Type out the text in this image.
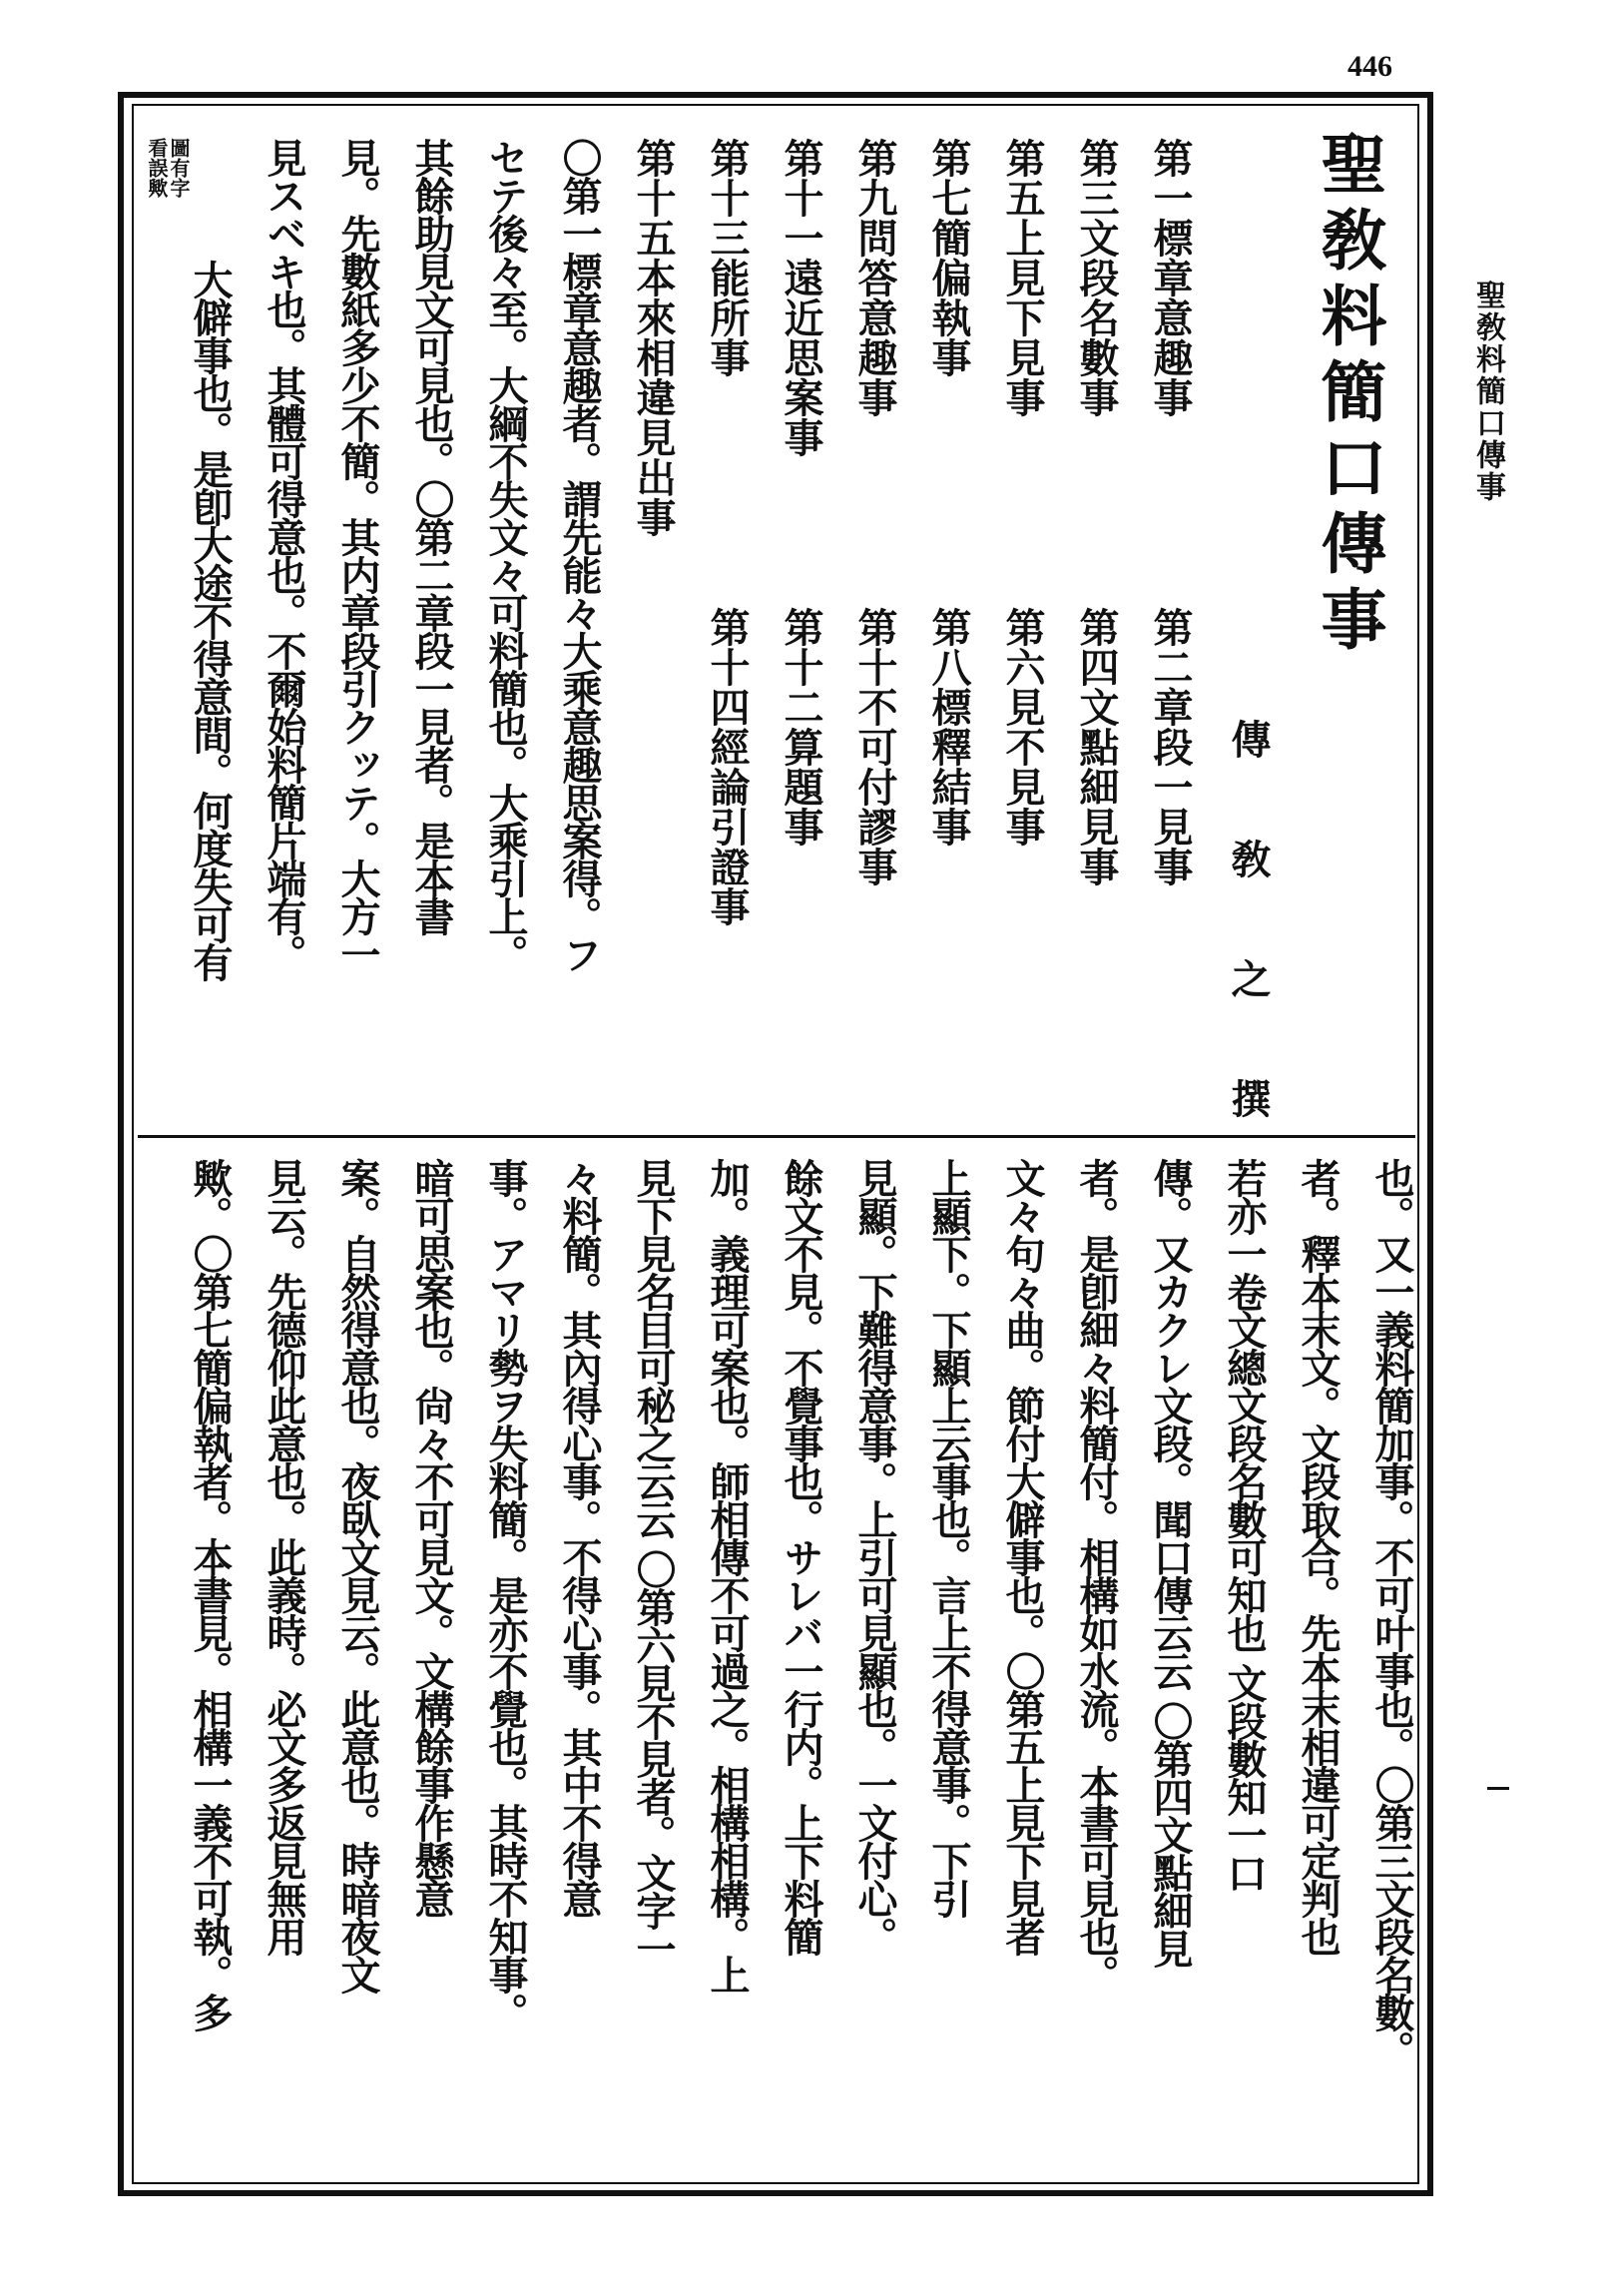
446
聖敎料簡口傳事
聖敎料簡口傳事
傳　敎　之　撰
第一標章意趣事
第二章段一見事
第三文段名數事
第四文點細見事
第五上見下見事
第六見不見事
第七簡偏執事
第八標釋結事
第九問答意趣事
第十不可付謬事
第十一遠近思案事
第十二算題事
第十三能所事
第十四經論引證事
第十五本來相違見出事
〇第一標章意趣者。謂先能々大乘意趣思案得。フ
セテ後々至。大綱不失文々可料簡也。大乘引上。
其餘助見文可見也。〇第二章段一見者。是本書
見。先數紙多少不簡。其内章段引クッテ。大方一
見スベキ也。其體可得意也。不爾始料簡片端有。
圖有字
看誤歟
大僻事也。是卽大途不得意間。何度失可有
也。又一義料簡加事。不可叶事也。〇第三文段名數。
者。釋本末文。文段取合。先本末相違可定判也
若亦一卷文總文段名數可知也 文段數知一口
傳。又カクレ文段。聞口傳云云 〇第四文點細見
者。是卽細々料簡付。相構如水流。本書可見也。
文々句々曲。節付大僻事也。〇第五上見下見者
上顯下。下顯上云事也。言上不得意事。下引
見顯。下難得意事。上引可見顯也。一文付心。
餘文不見。不覺事也。サレバ一行内。上下料簡
加。義理可案也。師相傳不可過之。相構相構。上
見下見名目可秘之云云 〇第六見不見者。文字一
々料簡。其內得心事。不得心事。其中不得意
事。アマリ勢ヲ失料簡。是亦不覺也。其時不知事。
暗可思案也。尙々不可見文。文構餘事作懸意
案。自然得意也。夜臥文見云。此意也。時暗夜文
見云。先德仰此意也。此義時。必文多返見無用
歟。〇第七簡偏執者。本書見。相構一義不可執。多
